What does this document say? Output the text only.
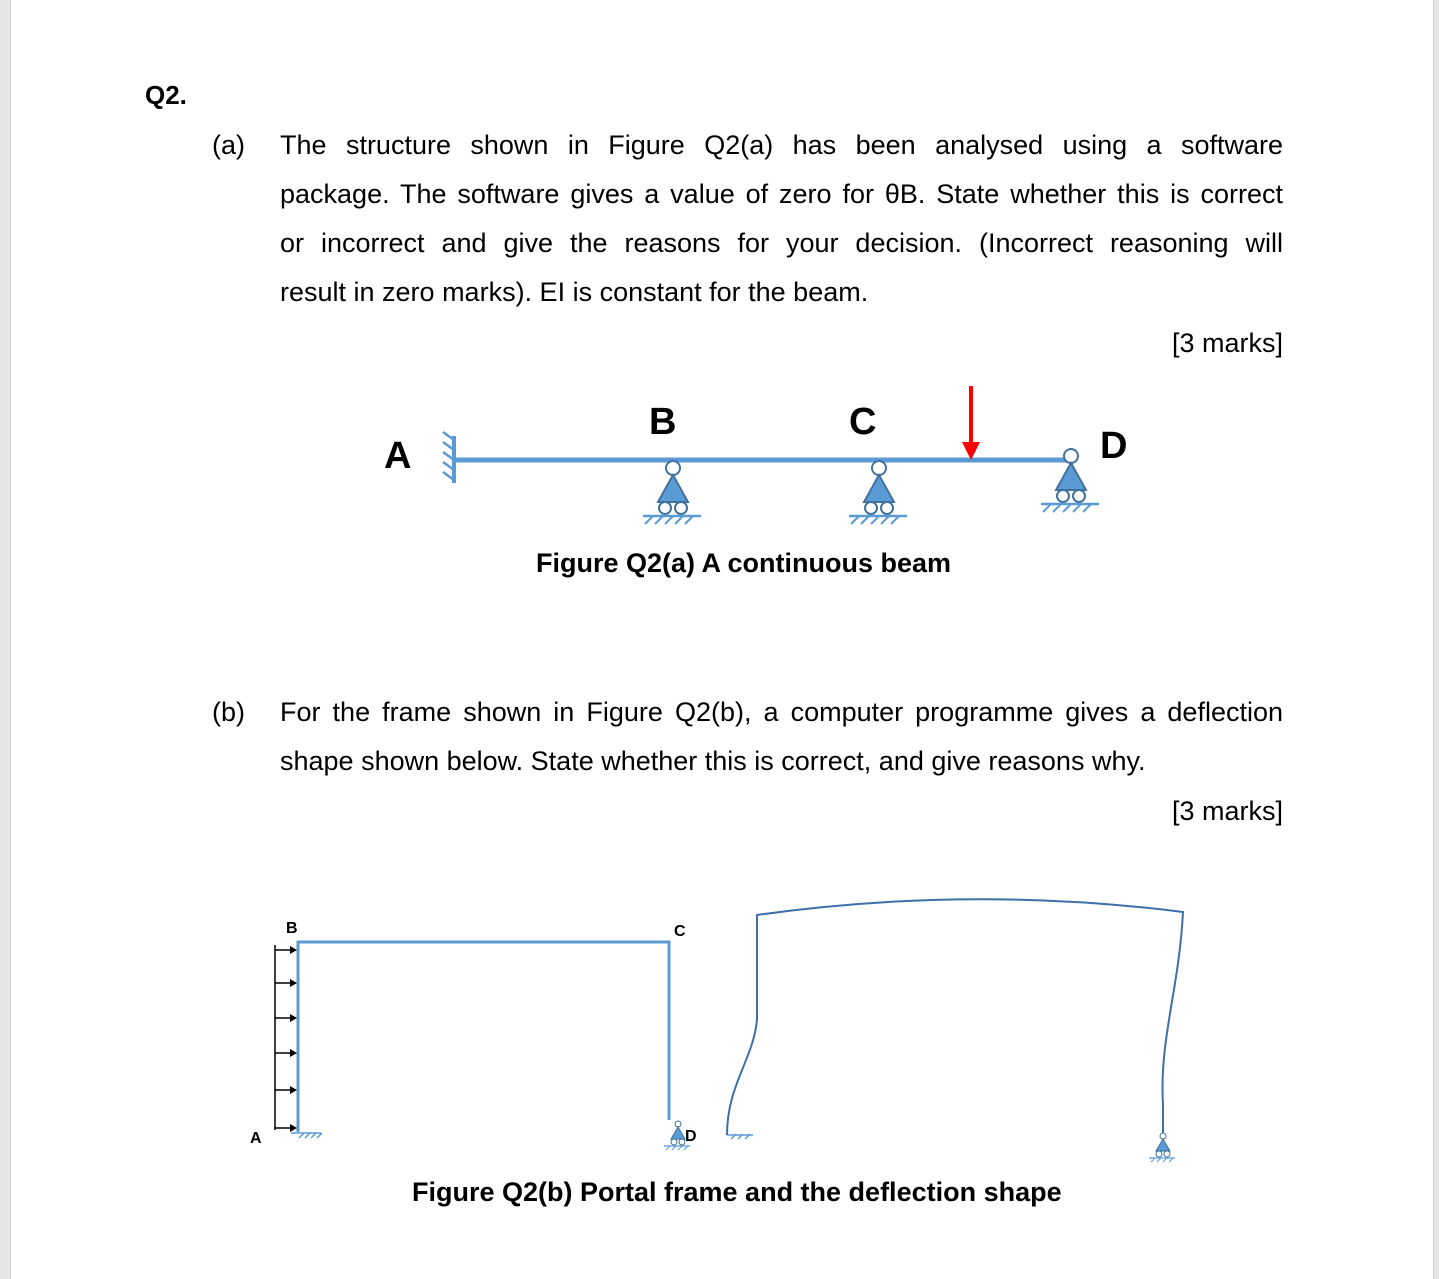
Q2.
(a) The structure shown in Figure Q2(a) has been analysed using a software
package. The software gives a value of zero for θB. State whether this is correct
or incorrect and give the reasons for your decision. (Incorrect reasoning will
result in zero marks). EI is constant for the beam.
[3 marks]
A
B	C
D
Figure Q2(a) A continuous beam
(b) For the frame shown in Figure Q2(b), a computer programme gives a deflection
shape shown below. State whether this is correct, and give reasons why.
[3 marks]
B	C
A	D
Figure Q2(b) Portal frame and the deflection shape
